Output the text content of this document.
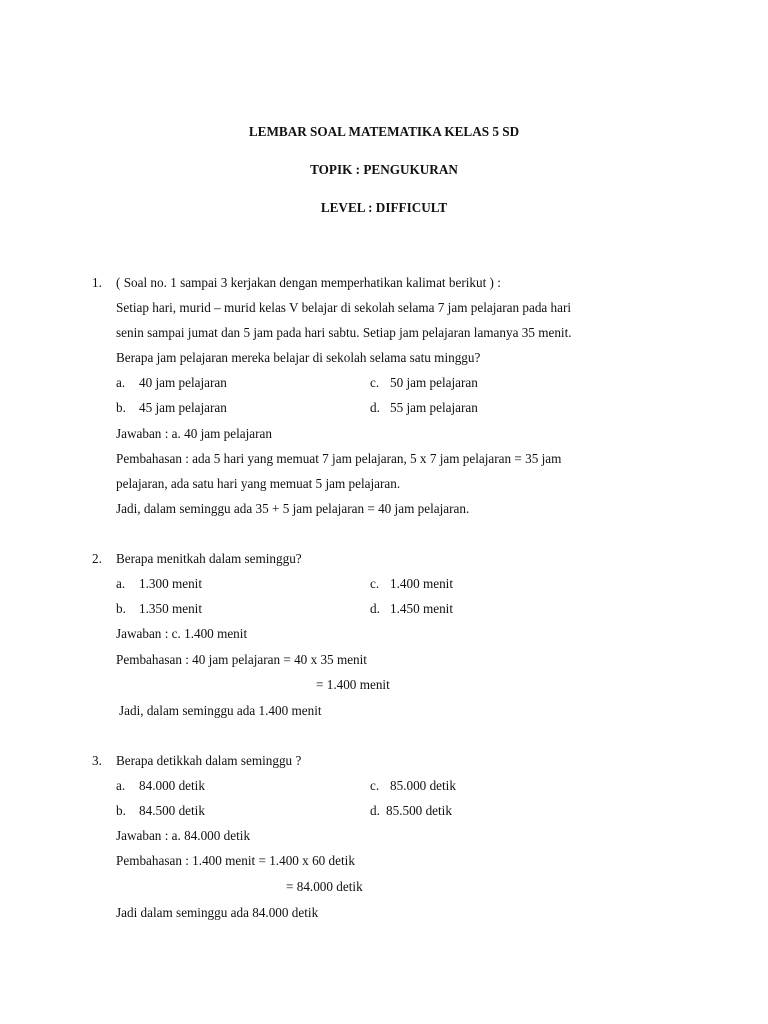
LEMBAR SOAL MATEMATIKA KELAS 5 SD
TOPIK : PENGUKURAN
LEVEL : DIFFICULT
1. ( Soal no. 1 sampai 3 kerjakan dengan memperhatikan kalimat berikut ) :
Setiap hari, murid – murid kelas V belajar di sekolah selama 7 jam pelajaran pada hari
senin sampai jumat dan 5 jam pada hari sabtu. Setiap jam pelajaran lamanya 35 menit.
Berapa jam pelajaran mereka belajar di sekolah selama satu minggu?
a. 40 jam pelajaran	c. 50 jam pelajaran
b. 45 jam pelajaran	d. 55 jam pelajaran
Jawaban : a. 40 jam pelajaran
Pembahasan : ada 5 hari yang memuat 7 jam pelajaran, 5 x 7 jam pelajaran = 35 jam
pelajaran, ada satu hari yang memuat 5 jam pelajaran.
Jadi, dalam seminggu ada 35 + 5 jam pelajaran = 40 jam pelajaran.
2. Berapa menitkah dalam seminggu?
a. 1.300 menit	c. 1.400 menit
b. 1.350 menit	d. 1.450 menit
Jawaban : c. 1.400 menit
Pembahasan : 40 jam pelajaran = 40 x 35 menit
= 1.400 menit
Jadi, dalam seminggu ada 1.400 menit
3. Berapa detikkah dalam seminggu ?
a. 84.000 detik	c. 85.000 detik
b. 84.500 detik	d. 85.500 detik
Jawaban : a. 84.000 detik
Pembahasan : 1.400 menit = 1.400 x 60 detik
= 84.000 detik
Jadi dalam seminggu ada 84.000 detik
